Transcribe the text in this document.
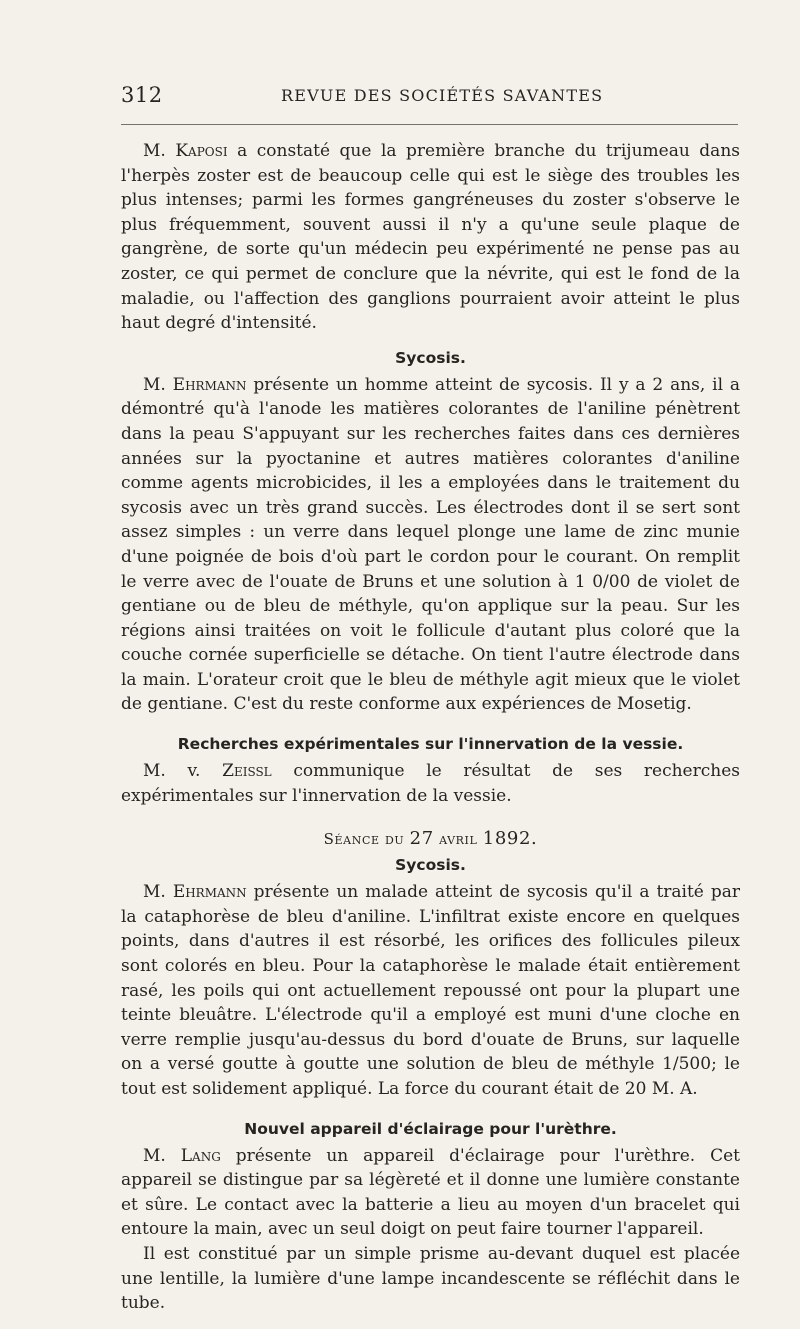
312	REVUE DES SOCIÉTÉS SAVANTES

M. Kaposi a constaté que la première branche du trijumeau dans l'herpès zoster est de beaucoup celle qui est le siège des troubles les plus intenses; parmi les formes gangréneuses du zoster s'observe le plus fréquemment, souvent aussi il n'y a qu'une seule plaque de gangrène, de sorte qu'un médecin peu expérimenté ne pense pas au zoster, ce qui permet de conclure que la névrite, qui est le fond de la maladie, ou l'affection des ganglions pourraient avoir atteint le plus haut degré d'intensité.

Sycosis.

M. Ehrmann présente un homme atteint de sycosis. Il y a 2 ans, il a démontré qu'à l'anode les matières colorantes de l'aniline pénètrent dans la peau S'appuyant sur les recherches faites dans ces dernières années sur la pyoctanine et autres matières colorantes d'aniline comme agents microbicides, il les a employées dans le traitement du sycosis avec un très grand succès. Les électrodes dont il se sert sont assez simples : un verre dans lequel plonge une lame de zinc munie d'une poignée de bois d'où part le cordon pour le courant. On remplit le verre avec de l'ouate de Bruns et une solution à 1 0/00 de violet de gentiane ou de bleu de méthyle, qu'on applique sur la peau. Sur les régions ainsi traitées on voit le follicule d'autant plus coloré que la couche cornée superficielle se détache. On tient l'autre électrode dans la main. L'orateur croit que le bleu de méthyle agit mieux que le violet de gentiane. C'est du reste conforme aux expériences de Mosetig.

Recherches expérimentales sur l'innervation de la vessie.

M. v. Zeissl communique le résultat de ses recherches expérimentales sur l'innervation de la vessie.

Séance du 27 avril 1892.
Sycosis.

M. Ehrmann présente un malade atteint de sycosis qu'il a traité par la cataphorèse de bleu d'aniline. L'infiltrat existe encore en quelques points, dans d'autres il est résorbé, les orifices des follicules pileux sont colorés en bleu. Pour la cataphorèse le malade était entièrement rasé, les poils qui ont actuellement repoussé ont pour la plupart une teinte bleuâtre. L'électrode qu'il a employé est muni d'une cloche en verre remplie jusqu'au-dessus du bord d'ouate de Bruns, sur laquelle on a versé goutte à goutte une solution de bleu de méthyle 1/500; le tout est solidement appliqué. La force du courant était de 20 M. A.

Nouvel appareil d'éclairage pour l'urèthre.

M. Lang présente un appareil d'éclairage pour l'urèthre. Cet appareil se distingue par sa légèreté et il donne une lumière constante et sûre. Le contact avec la batterie a lieu au moyen d'un bracelet qui entoure la main, avec un seul doigt on peut faire tourner l'appareil.

Il est constitué par un simple prisme au-devant duquel est placée une lentille, la lumière d'une lampe incandescente se réfléchit dans le tube.
